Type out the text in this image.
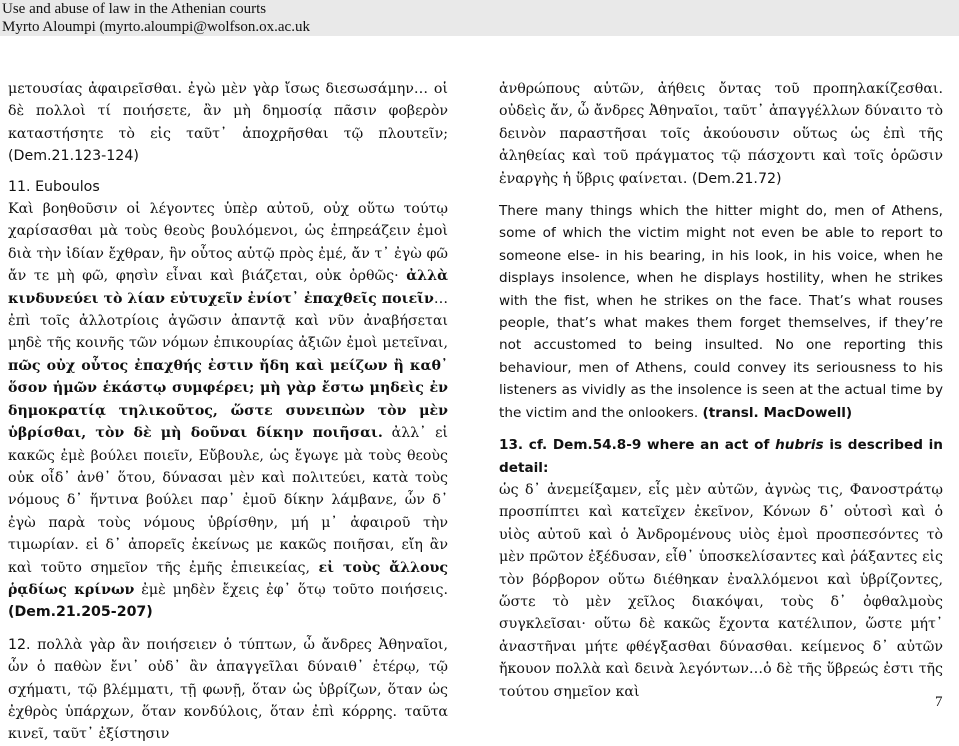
Use and abuse of law in the Athenian courts
Myrto Aloumpi (myrto.aloumpi@wolfson.ox.ac.uk

μετουσίας ἀφαιρεῖσθαι. ἐγὼ μὲν γὰρ ἴσως διεσωσάμην… οἱ δὲ πολλοὶ τί ποιήσετε, ἂν μὴ δημοσίᾳ πᾶσιν φοβερὸν καταστήσητε τὸ εἰς ταῦτ᾽ ἀποχρῆσθαι τῷ πλουτεῖν; (Dem.21.123-124)

11. Euboulos

Καὶ βοηθοῦσιν οἱ λέγοντες ὑπὲρ αὐτοῦ, οὐχ οὕτω τούτῳ χαρίσασθαι μὰ τοὺς θεοὺς βουλόμενοι, ὡς ἐπηρεάζειν ἐμοὶ διὰ τὴν ἰδίαν ἔχθραν, ἣν οὗτος αὑτῷ πρὸς ἐμέ, ἄν τ᾽ ἐγὼ φῶ ἄν τε μὴ φῶ, φησὶν εἶναι καὶ βιάζεται, οὐκ ὀρθῶς· ἀλλὰ κινδυνεύει τὸ λίαν εὐτυχεῖν ἐνίοτ᾽ ἐπαχθεῖς ποιεῖν…ἐπὶ τοῖς ἀλλοτρίοις ἀγῶσιν ἀπαντᾷ καὶ νῦν ἀναβήσεται μηδὲ τῆς κοινῆς τῶν νόμων ἐπικουρίας ἀξιῶν ἐμοὶ μετεῖναι, πῶς οὐχ οὗτος ἐπαχθής ἐστιν ἤδη καὶ μείζων ἢ καθ᾽ ὅσον ἡμῶν ἑκάστῳ συμφέρει; μὴ γὰρ ἔστω μηδεὶς ἐν δημοκρατίᾳ τηλικοῦτος, ὥστε συνειπὼν τὸν μὲν ὑβρίσθαι, τὸν δὲ μὴ δοῦναι δίκην ποιῆσαι. ἀλλ᾽ εἰ κακῶς ἐμὲ βούλει ποιεῖν, Εὔβουλε, ὡς ἔγωγε μὰ τοὺς θεοὺς οὐκ οἶδ᾽ ἀνθ᾽ ὅτου, δύνασαι μὲν καὶ πολιτεύει, κατὰ τοὺς νόμους δ᾽ ἥντινα βούλει παρ᾽ ἐμοῦ δίκην λάμβανε, ὧν δ᾽ ἐγὼ παρὰ τοὺς νόμους ὑβρίσθην, μή μ᾽ ἀφαιροῦ τὴν τιμωρίαν. εἰ δ᾽ ἀπορεῖς ἐκείνως με κακῶς ποιῆσαι, εἴη ἂν καὶ τοῦτο σημεῖον τῆς ἐμῆς ἐπιεικείας, εἰ τοὺς ἄλλους ῥᾳδίως κρίνων ἐμὲ μηδὲν ἔχεις ἐφ᾽ ὅτῳ τοῦτο ποιήσεις. (Dem.21.205-207)

12. πολλὰ γὰρ ἂν ποιήσειεν ὁ τύπτων, ὦ ἄνδρες Ἀθηναῖοι, ὧν ὁ παθὼν ἔνι᾽ οὐδ᾽ ἂν ἀπαγγεῖλαι δύναιθ᾽ ἑτέρῳ, τῷ σχήματι, τῷ βλέμματι, τῇ φωνῇ, ὅταν ὡς ὑβρίζων, ὅταν ὡς ἐχθρὸς ὑπάρχων, ὅταν κονδύλοις, ὅταν ἐπὶ κόρρης. ταῦτα κινεῖ, ταῦτ᾽ ἐξίστησιν

ἀνθρώπους αὑτῶν, ἀήθεις ὄντας τοῦ προπηλακίζεσθαι. οὐδεὶς ἄν, ὦ ἄνδρες Ἀθηναῖοι, ταῦτ᾽ ἀπαγγέλλων δύναιτο τὸ δεινὸν παραστῆσαι τοῖς ἀκούουσιν οὕτως ὡς ἐπὶ τῆς ἀληθείας καὶ τοῦ πράγματος τῷ πάσχοντι καὶ τοῖς ὁρῶσιν ἐναργὴς ἡ ὕβρις φαίνεται. (Dem.21.72)

There many things which the hitter might do, men of Athens, some of which the victim might not even be able to report to someone else- in his bearing, in his look, in his voice, when he displays insolence, when he displays hostility, when he strikes with the fist, when he strikes on the face. That’s what rouses people, that’s what makes them forget themselves, if they’re not accustomed to being insulted. No one reporting this behaviour, men of Athens, could convey its seriousness to his listeners as vividly as the insolence is seen at the actual time by the victim and the onlookers. (transl. MacDowell)

13. cf. Dem.54.8-9 where an act of hubris is described in detail:

ὡς δ᾽ ἀνεμείξαμεν, εἷς μὲν αὐτῶν, ἀγνὼς τις, Φανοστράτῳ προσπίπτει καὶ κατεῖχεν ἐκεῖνον, Κόνων δ᾽ οὑτοσὶ καὶ ὁ υἱὸς αὐτοῦ καὶ ὁ Ἀνδρομένους υἱὸς ἐμοὶ προσπεσόντες τὸ μὲν πρῶτον ἐξέδυσαν, εἶθ᾽ ὑποσκελίσαντες καὶ ῥάξαντες εἰς τὸν βόρβορον οὕτω διέθηκαν ἐναλλόμενοι καὶ ὑβρίζοντες, ὥστε τὸ μὲν χεῖλος διακόψαι, τοὺς δ᾽ ὀφθαλμοὺς συγκλεῖσαι· οὕτω δὲ κακῶς ἔχοντα κατέλιπον, ὥστε μήτ᾽ ἀναστῆναι μήτε φθέγξασθαι δύνασθαι. κείμενος δ᾽ αὐτῶν ἤκουον πολλὰ καὶ δεινὰ λεγόντων…ὁ δὲ τῆς ὕβρεώς ἐστι τῆς τούτου σημεῖον καὶ

7
